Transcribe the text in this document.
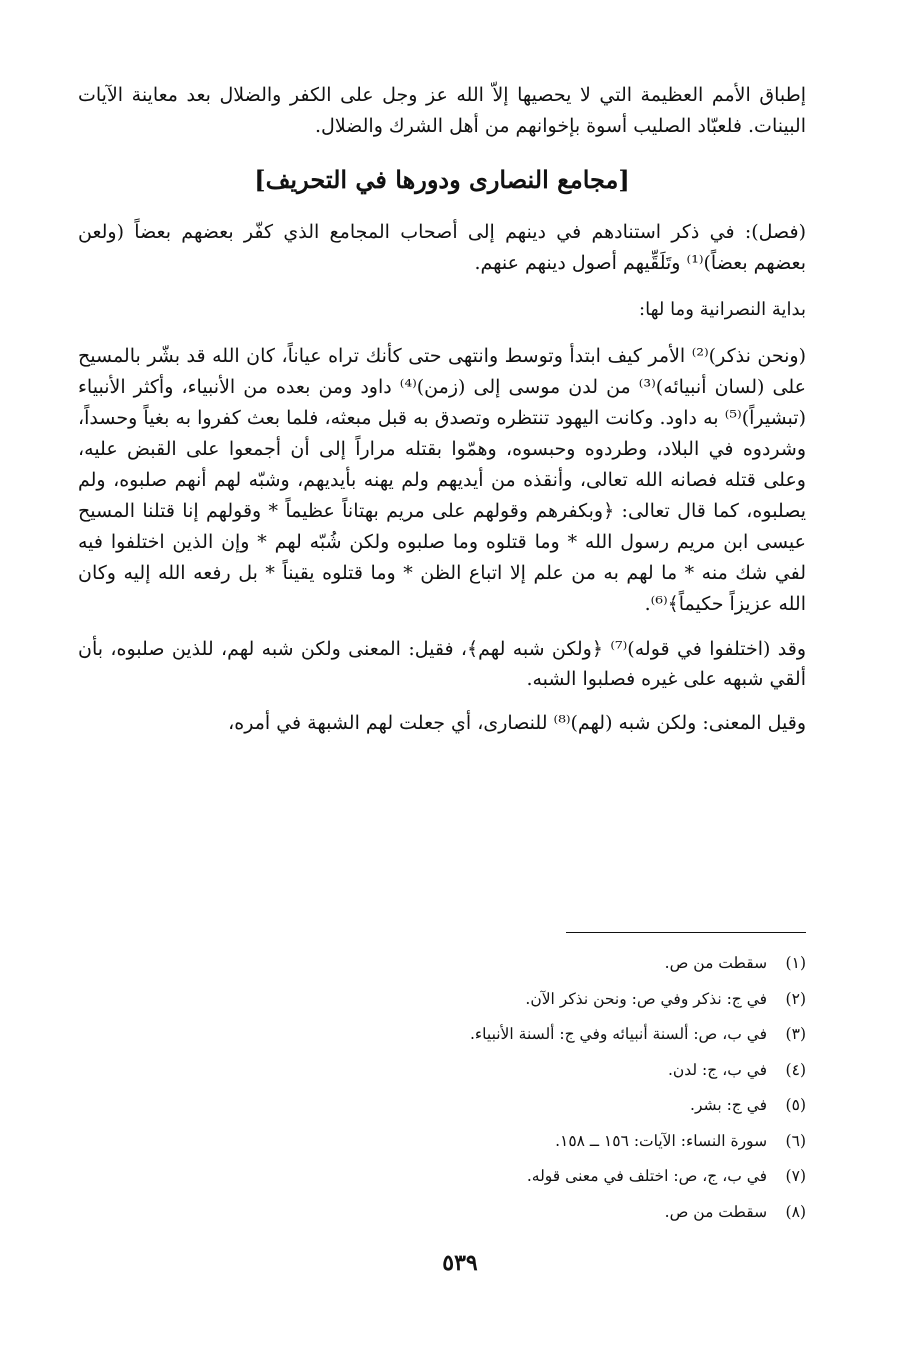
إطباق الأمم العظيمة التي لا يحصيها إلاّ الله عز وجل على الكفر والضلال بعد معاينة الآيات البينات. فلعبّاد الصليب أسوة بإخوانهم من أهل الشرك والضلال.

[مجامع النصارى ودورها في التحريف]

(فصل): في ذكر استنادهم في دينهم إلى أصحاب المجامع الذي كفّر بعضهم بعضاً (ولعن بعضهم بعضاً)⁽¹⁾ وتَلَقِّيهم أصول دينهم عنهم.

بداية النصرانية وما لها:

(ونحن نذكر)⁽²⁾ الأمر كيف ابتدأ وتوسط وانتهى حتى كأنك تراه عياناً، كان الله قد بشّر بالمسيح على (لسان أنبيائه)⁽³⁾ من لدن موسى إلى (زمن)⁽⁴⁾ داود ومن بعده من الأنبياء، وأكثر الأنبياء (تبشيراً)⁽⁵⁾ به داود. وكانت اليهود تنتظره وتصدق به قبل مبعثه، فلما بعث كفروا به بغياً وحسداً، وشردوه في البلاد، وطردوه وحبسوه، وهمّوا بقتله مراراً إلى أن أجمعوا على القبض عليه، وعلى قتله فصانه الله تعالى، وأنقذه من أيديهم ولم يهنه بأيديهم، وشبّه لهم أنهم صلبوه، ولم يصلبوه، كما قال تعالى: ﴿وبكفرهم وقولهم على مريم بهتاناً عظيماً * وقولهم إنا قتلنا المسيح عيسى ابن مريم رسول الله * وما قتلوه وما صلبوه ولكن شُبّه لهم * وإن الذين اختلفوا فيه لفي شك منه * ما لهم به من علم إلا اتباع الظن * وما قتلوه يقيناً * بل رفعه الله إليه وكان الله عزيزاً حكيماً﴾⁽⁶⁾.

وقد (اختلفوا في قوله)⁽⁷⁾ ﴿ولكن شبه لهم﴾، فقيل: المعنى ولكن شبه لهم، للذين صلبوه، بأن ألقي شبهه على غيره فصلبوا الشبه.

وقيل المعنى: ولكن شبه (لهم)⁽⁸⁾ للنصارى، أي جعلت لهم الشبهة في أمره،

(١) سقطت من ص.
(٢) في ج: نذكر وفي ص: ونحن نذكر الآن.
(٣) في ب، ص: ألسنة أنبيائه وفي ج: ألسنة الأنبياء.
(٤) في ب، ج: لدن.
(٥) في ج: بشر.
(٦) سورة النساء: الآيات: ١٥٦ ــ ١٥٨.
(٧) في ب، ج، ص: اختلف في معنى قوله.
(٨) سقطت من ص.
٥٣٩
